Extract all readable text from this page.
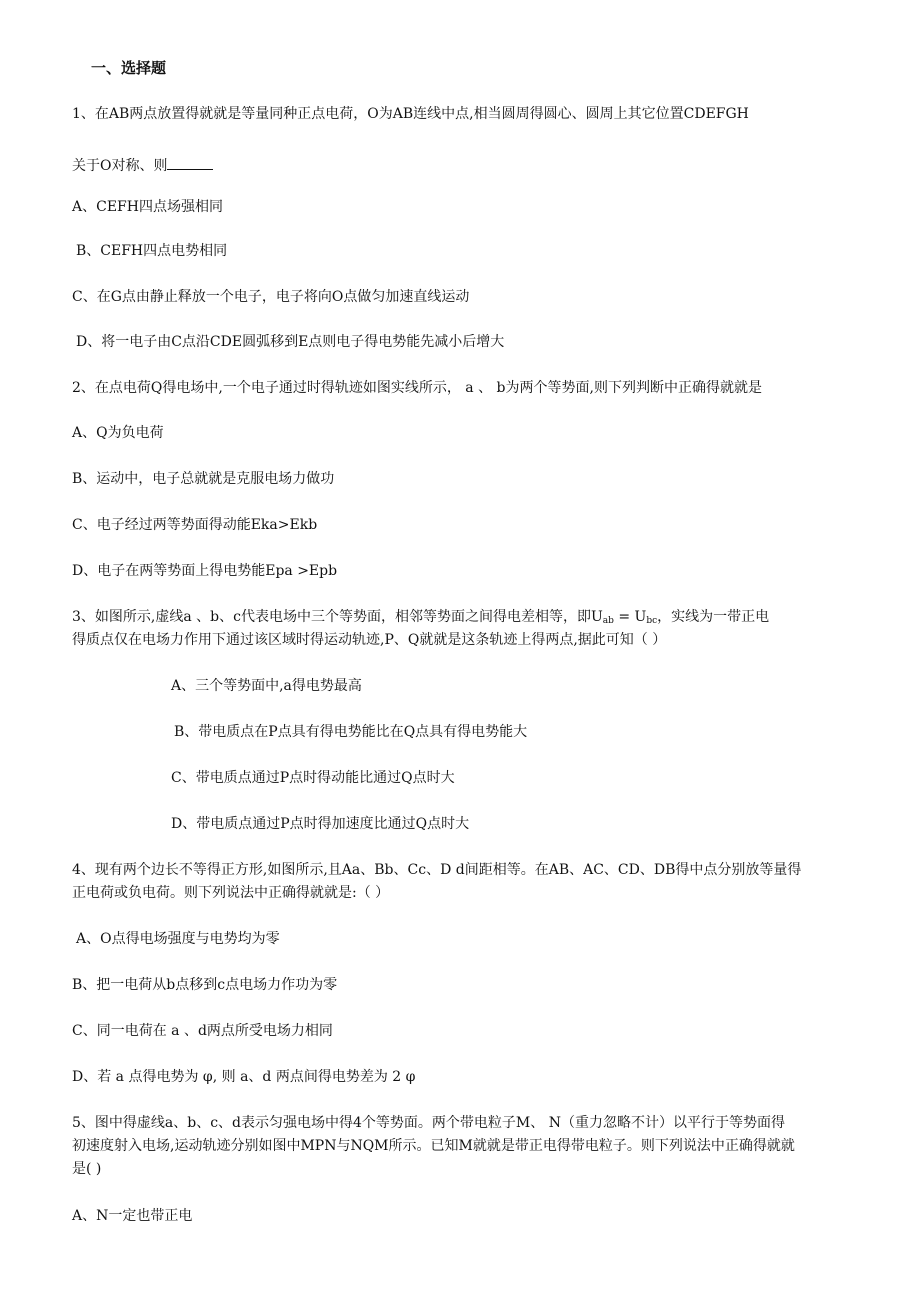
一、选择题
1、在AB两点放置得就就是等量同种正点电荷，O为AB连线中点,相当圆周得圆心、圆周上其它位置CDEFGH
关于O对称、则
A、CEFH四点场强相同
B、CEFH四点电势相同
C、在G点由静止释放一个电子，电子将向O点做匀加速直线运动
D、将一电子由C点沿CDE圆弧移到E点则电子得电势能先减小后增大
2、在点电荷Q得电场中,一个电子通过时得轨迹如图实线所示， a 、 b为两个等势面,则下列判断中正确得就就是
A、Q为负电荷
B、运动中，电子总就就是克服电场力做功
C、电子经过两等势面得动能Eka>Ekb
D、电子在两等势面上得电势能Epa >Epb
3、如图所示,虚线a 、b、c代表电场中三个等势面，相邻等势面之间得电差相等，即$U_{ab} = U_{bc}$，实线为一带正电
得质点仅在电场力作用下通过该区域时得运动轨迹,P、Q就就是这条轨迹上得两点,据此可知（ ）
A、三个等势面中,a得电势最高
B、带电质点在P点具有得电势能比在Q点具有得电势能大
C、带电质点通过P点时得动能比通过Q点时大
D、带电质点通过P点时得加速度比通过Q点时大
4、现有两个边长不等得正方形,如图所示,且Aa、Bb、Cc、D d间距相等。在AB、AC、CD、DB得中点分别放等量得
正电荷或负电荷。则下列说法中正确得就就是:（ ）
A、O点得电场强度与电势均为零
B、把一电荷从b点移到c点电场力作功为零
C、同一电荷在 a 、d两点所受电场力相同
D、若 a 点得电势为 φ, 则 a、d 两点间得电势差为 2 φ
5、图中得虚线a、b、c、d表示匀强电场中得4个等势面。两个带电粒子M、 N（重力忽略不计）以平行于等势面得
初速度射入电场,运动轨迹分别如图中MPN与NQM所示。已知M就就是带正电得带电粒子。则下列说法中正确得就就
是( )
A、N一定也带正电
